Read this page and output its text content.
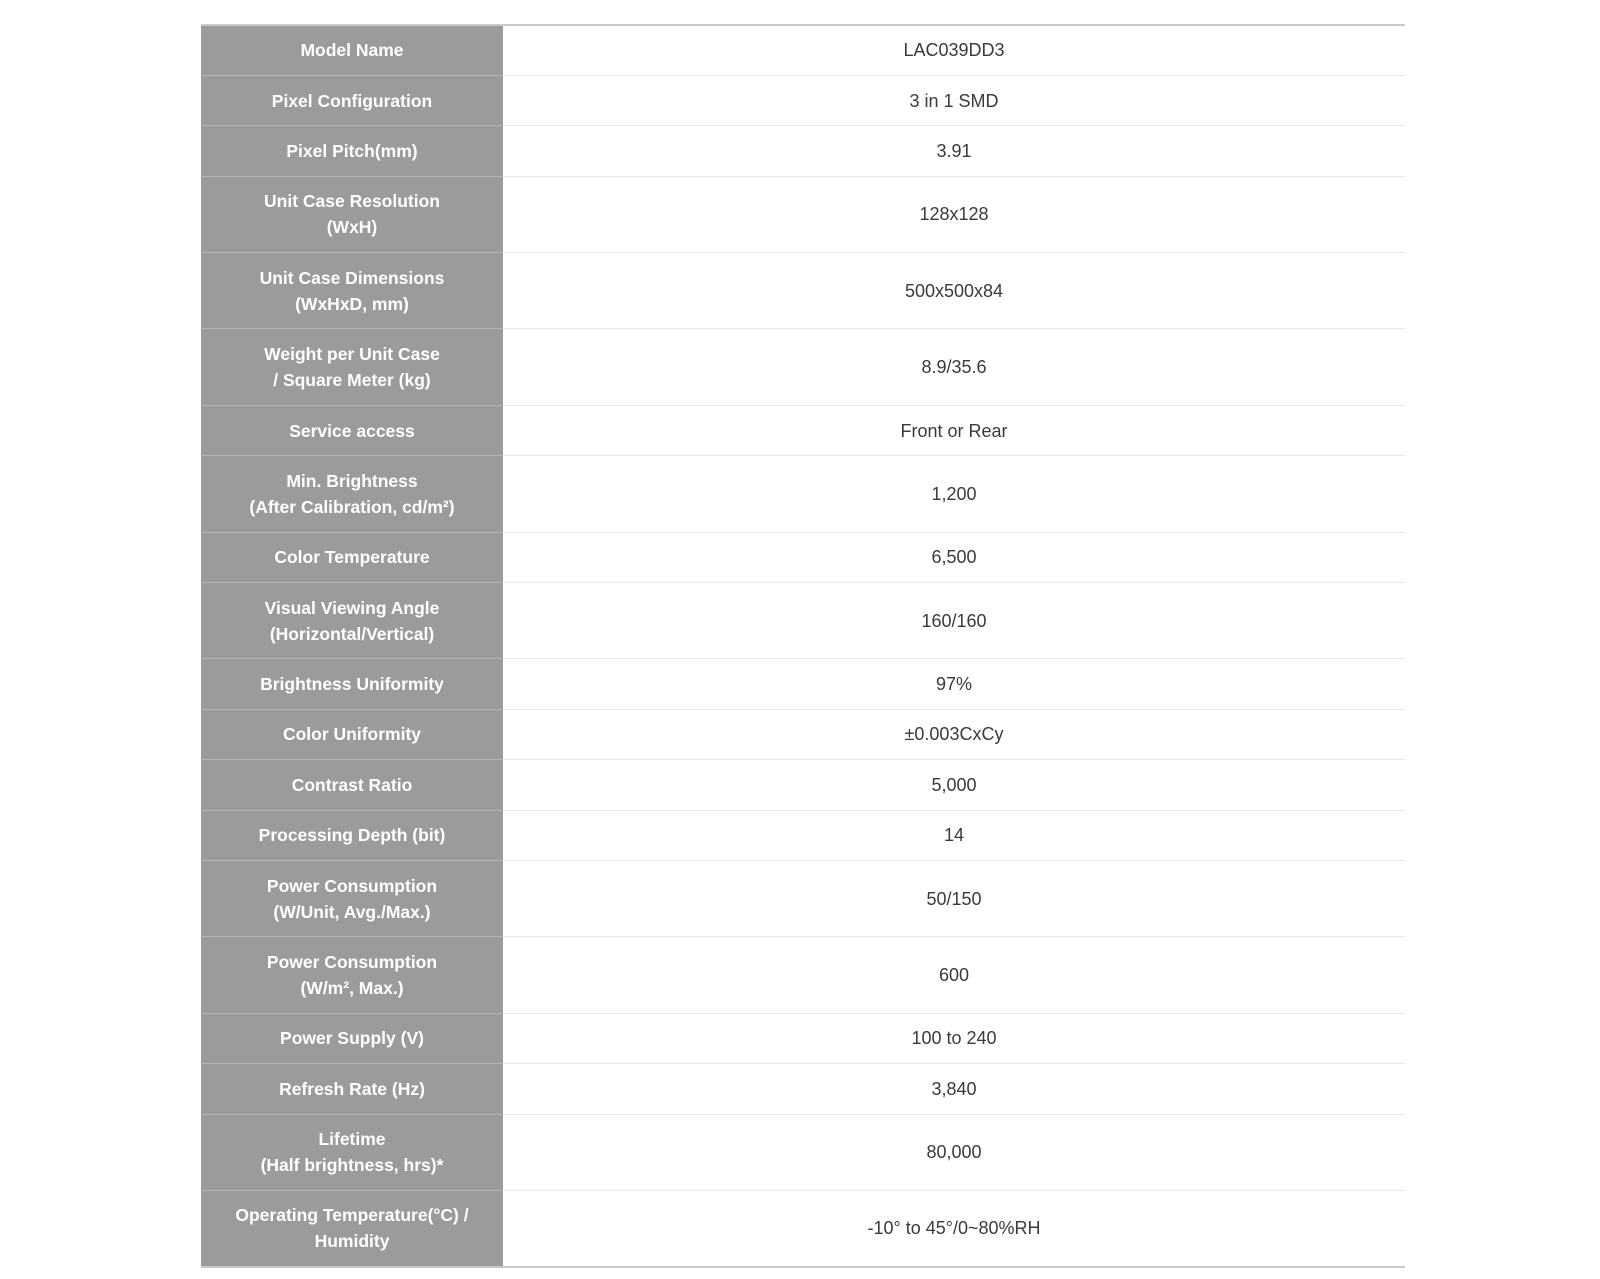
Model Name	LAC039DD3
Pixel Configuration	3 in 1 SMD
Pixel Pitch(mm)	3.91
Unit Case Resolution
(WxH)	128x128
Unit Case Dimensions
(WxHxD, mm)	500x500x84
Weight per Unit Case
/ Square Meter (kg)	8.9/35.6
Service access	Front or Rear
Min. Brightness
(After Calibration, cd/m²)	1,200
Color Temperature	6,500
Visual Viewing Angle
(Horizontal/Vertical)	160/160
Brightness Uniformity	97%
Color Uniformity	±0.003CxCy
Contrast Ratio	5,000
Processing Depth (bit)	14
Power Consumption
(W/Unit, Avg./Max.)	50/150
Power Consumption
(W/m², Max.)	600
Power Supply (V)	100 to 240
Refresh Rate (Hz)	3,840
Lifetime
(Half brightness, hrs)*	80,000
Operating Temperature(°C) /
Humidity	-10° to 45°/0~80%RH
